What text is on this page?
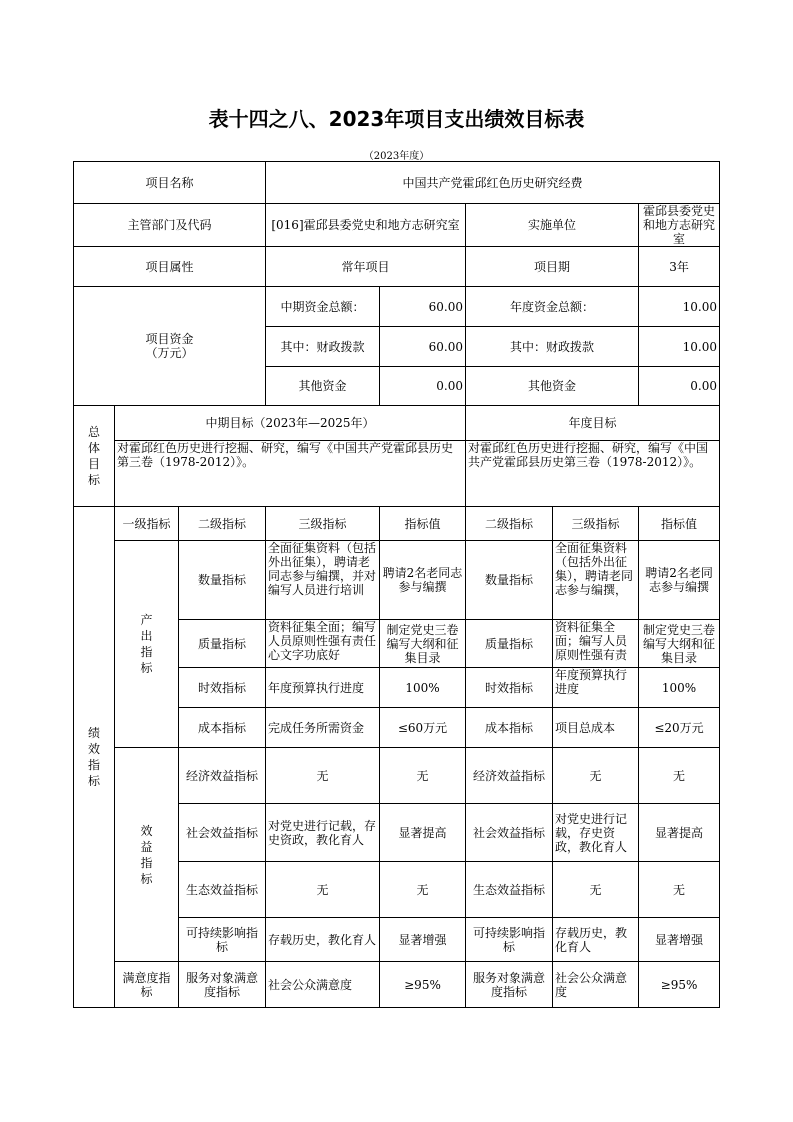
表十四之八、2023年项目支出绩效目标表
（2023年度）
项目名称			中国共产党霍邱红色历史研究经费				
主管部门及代码			[016]霍邱县委党史和地方志研究室		实施单位		霍邱县委党史和地方志研究室
项目属性			常年项目		项目期		3年

项目资金
（万元）			中期资金总额：	60.00	年度资金总额：		10.00
			其中：财政拨款	60.00	其中：财政拨款		10.00
			其他资金	0.00	其他资金		0.00
总体目标	中期目标（2023年—2025年）				年度目标		
	对霍邱红色历史进行挖掘、研究，编写《中国共产党霍邱县历史第三卷（1978-2012）》。				对霍邱红色历史进行挖掘、研究，编写《中国共产党霍邱县历史第三卷（1978-2012）》。		
绩效指标	一级指标	二级指标	三级指标	指标值	二级指标	三级指标	指标值
	产出指标	数量指标	全面征集资料（包括外出征集），聘请老同志参与编撰，并对编写人员进行培训	聘请2名老同志参与编撰	数量指标	全面征集资料（包括外出征集），聘请老同志参与编撰，	聘请2名老同志参与编撰
		质量指标	资料征集全面；编写人员原则性强有责任心文字功底好	制定党史三卷编写大纲和征集目录	质量指标	资料征集全面；编写人员原则性强有责	制定党史三卷编写大纲和征集目录
		时效指标	年度预算执行进度	100%	时效指标	年度预算执行进度	100%
		成本指标	完成任务所需资金	≤60万元	成本指标	项目总成本	≤20万元
	效益指标	经济效益指标	无	无	经济效益指标	无	无
		社会效益指标	对党史进行记载，存史资政，教化育人	显著提高	社会效益指标	对党史进行记载，存史资政，教化育人	显著提高
		生态效益指标	无	无	生态效益指标	无	无
		可持续影响指标	存载历史，教化育人	显著增强	可持续影响指标	存载历史，教化育人	显著增强
	满意度指标	服务对象满意度指标	社会公众满意度	≥95%	服务对象满意度指标	社会公众满意度	≥95%
